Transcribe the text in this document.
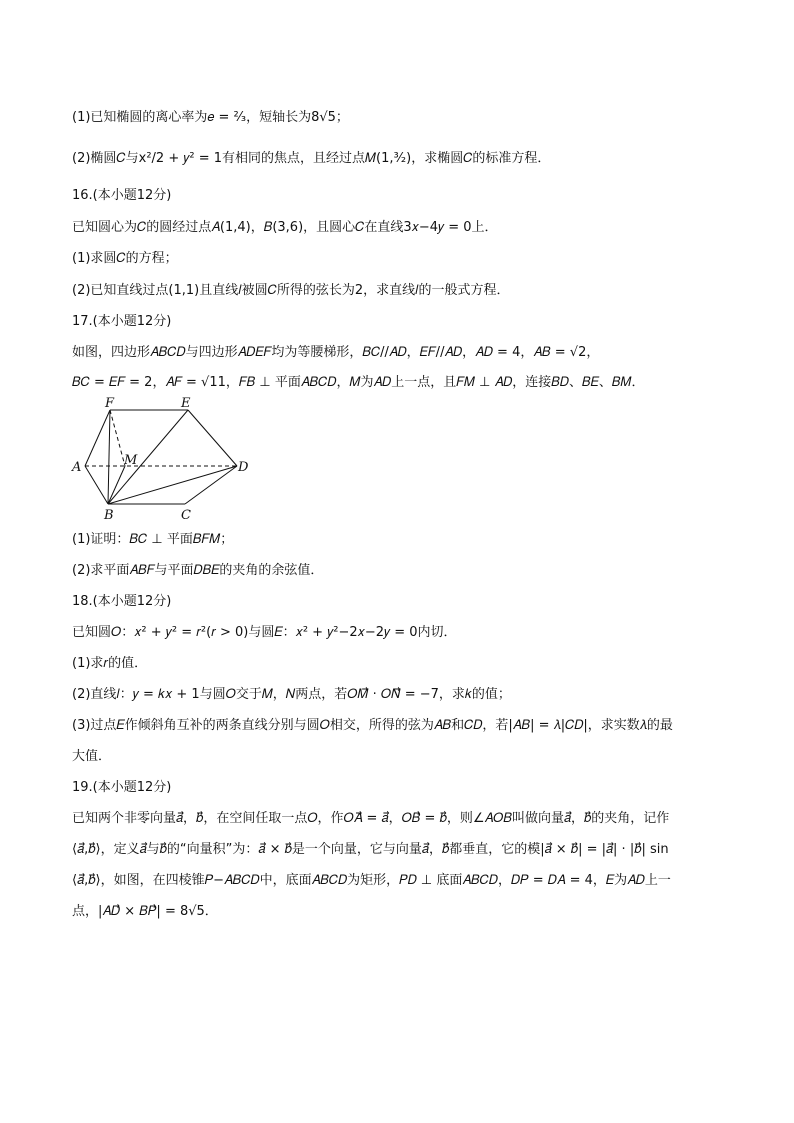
(1)已知椭圆的离心率为𝑒 = ²⁄₃，短轴长为8√5；
(2)椭圆𝐶与x²/2 + 𝑦² = 1有相同的焦点，且经过点𝑀(1,³⁄₂)，求椭圆𝐶的标准方程．
16.(本小题12分)
已知圆心为𝐶的圆经过点𝐴(1,4)，𝐵(3,6)，且圆心𝐶在直线3𝑥−4𝑦 = 0上．
(1)求圆𝐶的方程；
(2)已知直线过点(1,1)且直线𝑙被圆𝐶所得的弦长为2，求直线𝑙的一般式方程．
17.(本小题12分)
如图，四边形𝐴𝐵𝐶𝐷与四边形𝐴𝐷𝐸𝐹均为等腰梯形，𝐵𝐶//𝐴𝐷，𝐸𝐹//𝐴𝐷，𝐴𝐷 = 4，𝐴𝐵 = √2，
𝐵𝐶 = 𝐸𝐹 = 2，𝐴𝐹 = √11，𝐹𝐵 ⊥ 平面𝐴𝐵𝐶𝐷，𝑀为𝐴𝐷上一点，且𝐹𝑀 ⊥ 𝐴𝐷，连接𝐵𝐷、𝐵𝐸、𝐵𝑀．
F	E
A	M	D
B	C
(1)证明：𝐵𝐶 ⊥ 平面𝐵𝐹𝑀；
(2)求平面𝐴𝐵𝐹与平面𝐷𝐵𝐸的夹角的余弦值．
18.(本小题12分)
已知圆𝑂：𝑥² + 𝑦² = 𝑟²(𝑟 > 0)与圆𝐸：𝑥² + 𝑦²−2𝑥−2𝑦 = 0内切．
(1)求𝑟的值．
(2)直线𝑙：𝑦 = 𝑘𝑥 + 1与圆𝑂交于𝑀，𝑁两点，若𝑂𝑀⃗ · 𝑂𝑁⃗ = −7，求𝑘的值；
(3)过点𝐸作倾斜角互补的两条直线分别与圆𝑂相交，所得的弦为𝐴𝐵和𝐶𝐷，若|𝐴𝐵| = 𝜆|𝐶𝐷|，求实数𝜆的最
大值．
19.(本小题12分)
已知两个非零向量𝑎⃗，𝑏⃗，在空间任取一点𝑂，作𝑂𝐴⃗ = 𝑎⃗，𝑂𝐵⃗ = 𝑏⃗，则∠𝐴𝑂𝐵叫做向量𝑎⃗，𝑏⃗的夹角，记作
⟨𝑎⃗,𝑏⃗⟩，定义𝑎⃗与𝑏⃗的“向量积”为：𝑎⃗ × 𝑏⃗是一个向量，它与向量𝑎⃗，𝑏⃗都垂直，它的模|𝑎⃗ × 𝑏⃗| = |𝑎⃗| · |𝑏⃗| sin
⟨𝑎⃗,𝑏⃗⟩，如图，在四棱锥𝑃−𝐴𝐵𝐶𝐷中，底面𝐴𝐵𝐶𝐷为矩形，𝑃𝐷 ⊥ 底面𝐴𝐵𝐶𝐷，𝐷𝑃 = 𝐷𝐴 = 4，𝐸为𝐴𝐷上一
点，|𝐴𝐷⃗ × 𝐵𝑃⃗| = 8√5．
